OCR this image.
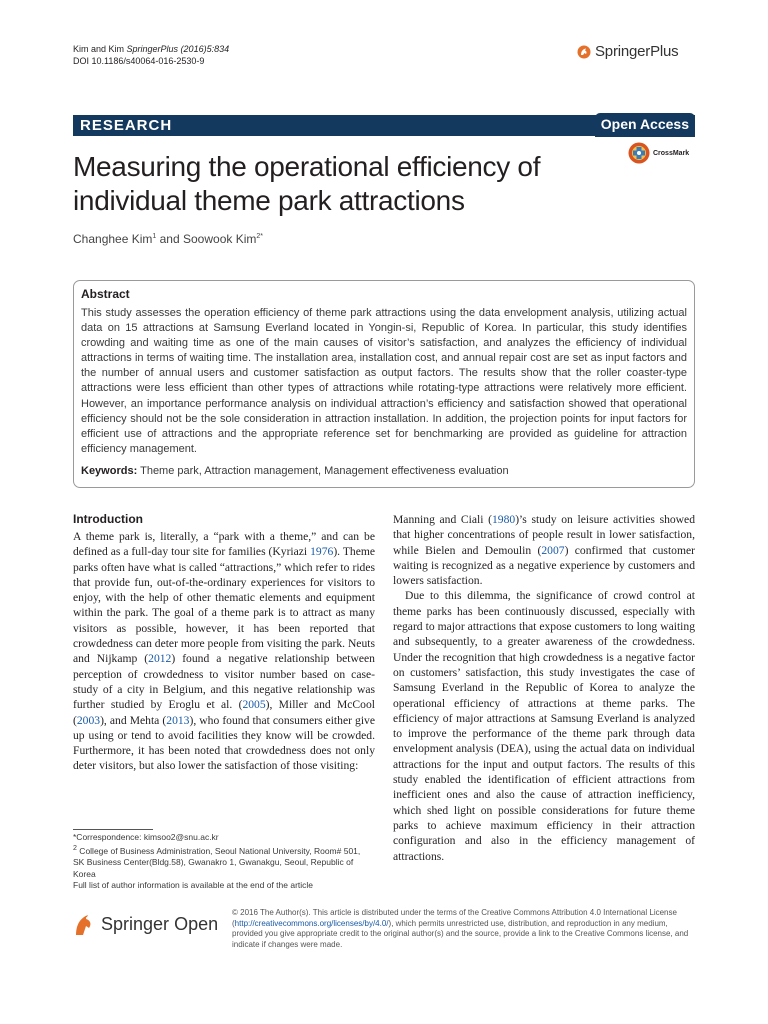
Kim and Kim SpringerPlus (2016)5:834
DOI 10.1186/s40064-016-2530-9
SpringerPlus
RESEARCH	Open Access
Measuring the operational efficiency of individual theme park attractions
CrossMark
Changhee Kim$^1$ and Soowook Kim$^{2*}$
Abstract
This study assesses the operation efficiency of theme park attractions using the data envelopment analysis, utilizing actual data on 15 attractions at Samsung Everland located in Yongin-si, Republic of Korea. In particular, this study identifies crowding and waiting time as one of the main causes of visitor’s satisfaction, and analyzes the efficiency of individual attractions in terms of waiting time. The installation area, installation cost, and annual repair cost are set as input factors and the number of annual users and customer satisfaction as output factors. The results show that the roller coaster-type attractions were less efficient than other types of attractions while rotating-type attractions were relatively more efficient. However, an importance performance analysis on individual attraction’s efficiency and satisfaction showed that operational efficiency should not be the sole consideration in attraction installation. In addition, the projection points for input factors for efficient use of attractions and the appropriate reference set for benchmarking are provided as guideline for attraction efficiency management.
Keywords: Theme park, Attraction management, Management effectiveness evaluation
Introduction
A theme park is, literally, a “park with a theme,” and can be defined as a full-day tour site for families (Kyriazi 1976). Theme parks often have what is called “attractions,” which refer to rides that provide fun, out-of-the-ordinary experiences for visitors to enjoy, with the help of other thematic elements and equipment within the park. The goal of a theme park is to attract as many visitors as possible, however, it has been reported that crowdedness can deter more people from visiting the park. Neuts and Nijkamp (2012) found a negative relationship between perception of crowdedness to visitor number based on case-study of a city in Belgium, and this negative relationship was further studied by Eroglu et al. (2005), Miller and McCool (2003), and Mehta (2013), who found that consumers either give up using or tend to avoid facilities they know will be crowded. Furthermore, it has been noted that crowdedness does not only deter visitors, but also lower the satisfaction of those visiting:

Manning and Ciali (1980)’s study on leisure activities showed that higher concentrations of people result in lower satisfaction, while Bielen and Demoulin (2007) confirmed that customer waiting is recognized as a negative experience by customers and lowers satisfaction.

Due to this dilemma, the significance of crowd control at theme parks has been continuously discussed, especially with regard to major attractions that expose customers to long waiting and subsequently, to a greater awareness of the crowdedness. Under the recognition that high crowdedness is a negative factor on customers’ satisfaction, this study investigates the case of Samsung Everland in the Republic of Korea to analyze the operational efficiency of attractions at theme parks. The efficiency of major attractions at Samsung Everland is analyzed to improve the performance of the theme park through data envelopment analysis (DEA), using the actual data on individual attractions for the input and output factors. The results of this study enabled the identification of efficient attractions from inefficient ones and also the cause of attraction inefficiency, which shed light on possible considerations for future theme parks to achieve maximum efficiency in their attraction configuration and also in the efficiency management of attractions.

*Correspondence: kimsoo2@snu.ac.kr
$^2$ College of Business Administration, Seoul National University, Room# 501, SK Business Center(Bldg.58), Gwanakro 1, Gwanakgu, Seoul, Republic of Korea
Full list of author information is available at the end of the article
Springer Open
© 2016 The Author(s). This article is distributed under the terms of the Creative Commons Attribution 4.0 International License (http://creativecommons.org/licenses/by/4.0/), which permits unrestricted use, distribution, and reproduction in any medium, provided you give appropriate credit to the original author(s) and the source, provide a link to the Creative Commons license, and indicate if changes were made.
